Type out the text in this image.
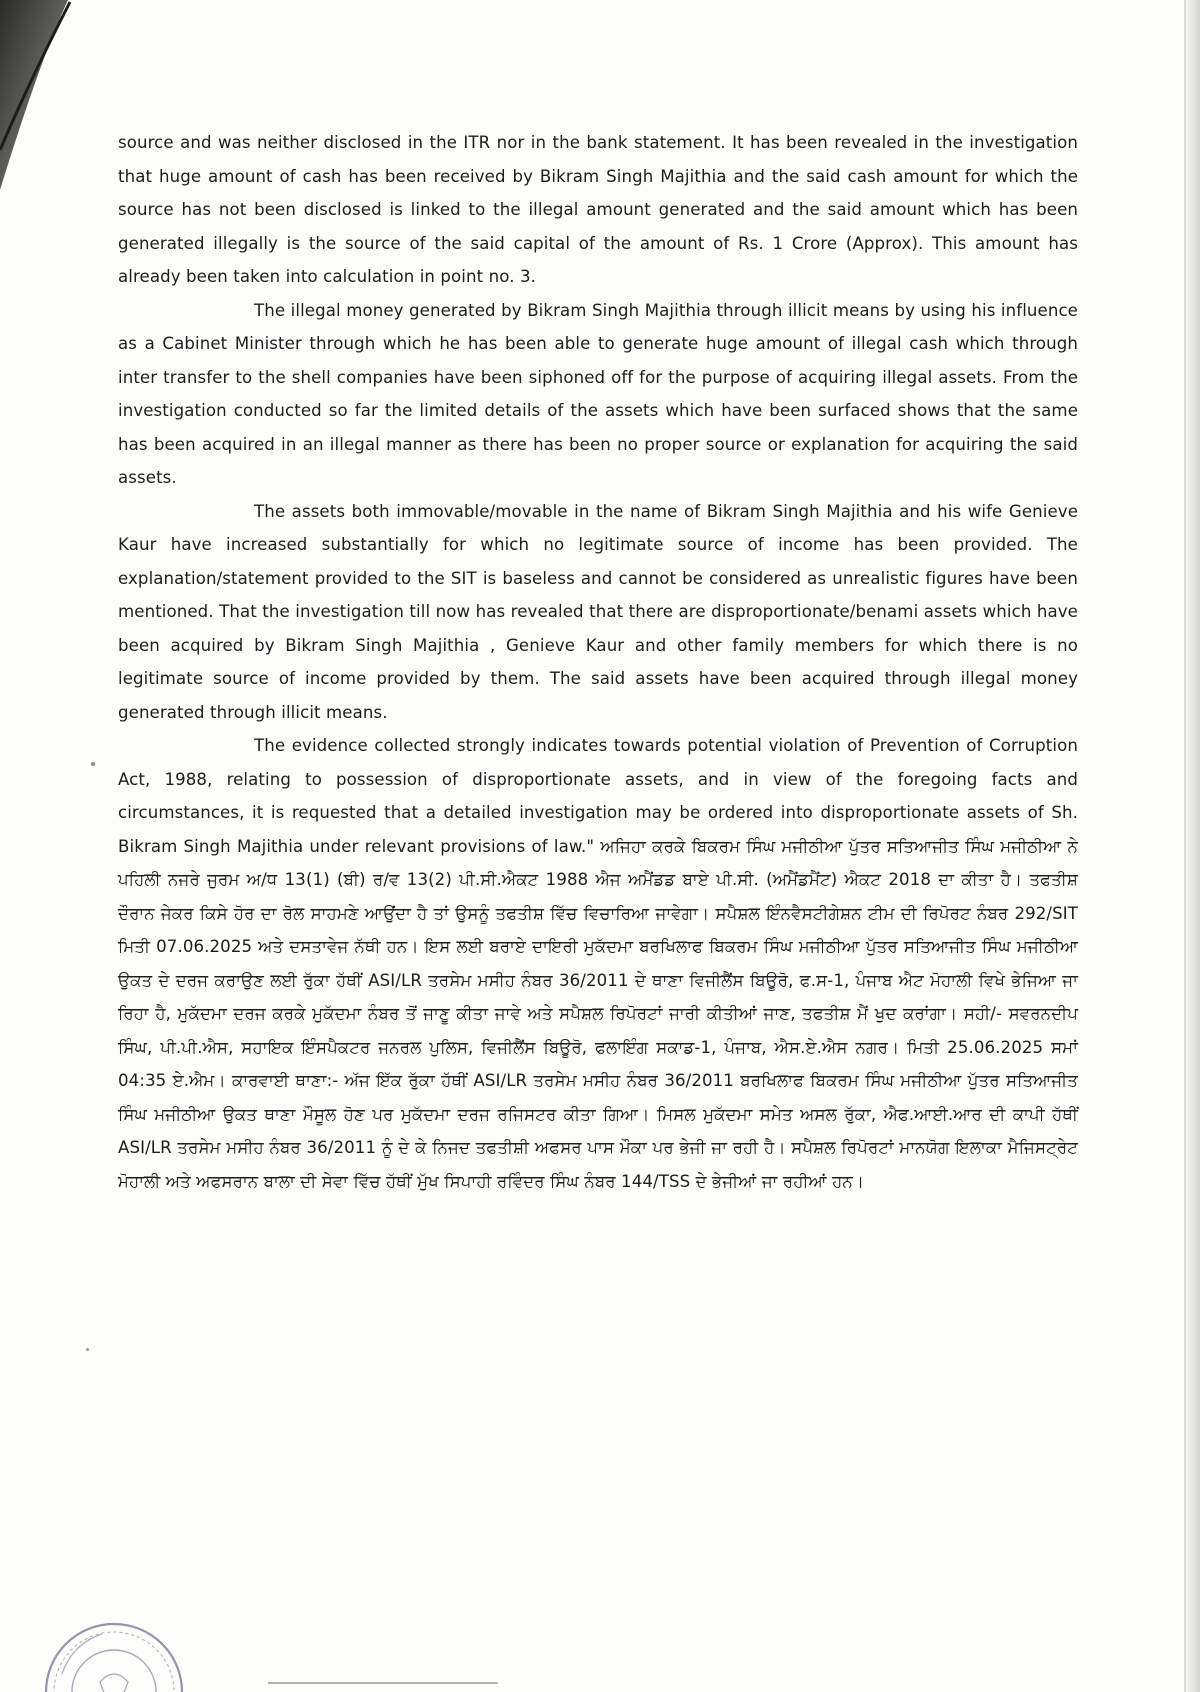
source and was neither disclosed in the ITR nor in the bank statement. It has been revealed in the investigation that huge amount of cash has been received by Bikram Singh Majithia and the said cash amount for which the source has not been disclosed is linked to the illegal amount generated and the said amount which has been generated illegally is the source of the said capital of the amount of Rs. 1 Crore (Approx). This amount has already been taken into calculation in point no. 3.

The illegal money generated by Bikram Singh Majithia through illicit means by using his influence as a Cabinet Minister through which he has been able to generate huge amount of illegal cash which through inter transfer to the shell companies have been siphoned off for the purpose of acquiring illegal assets. From the investigation conducted so far the limited details of the assets which have been surfaced shows that the same has been acquired in an illegal manner as there has been no proper source or explanation for acquiring the said assets.

The assets both immovable/movable in the name of Bikram Singh Majithia and his wife Genieve Kaur have increased substantially for which no legitimate source of income has been provided. The explanation/statement provided to the SIT is baseless and cannot be considered as unrealistic figures have been mentioned. That the investigation till now has revealed that there are disproportionate/benami assets which have been acquired by Bikram Singh Majithia , Genieve Kaur and other family members for which there is no legitimate source of income provided by them. The said assets have been acquired through illegal money generated through illicit means.

The evidence collected strongly indicates towards potential violation of Prevention of Corruption Act, 1988, relating to possession of disproportionate assets, and in view of the foregoing facts and circumstances, it is requested that a detailed investigation may be ordered into disproportionate assets of Sh. Bikram Singh Majithia under relevant provisions of law." ਅਜਿਹਾ ਕਰਕੇ ਬਿਕਰਮ ਸਿੰਘ ਮਜੀਠੀਆ ਪੁੱਤਰ ਸਤਿਆਜੀਤ ਸਿੰਘ ਮਜੀਠੀਆ ਨੇ ਪਹਿਲੀ ਨਜਰੇ ਜੁਰਮ ਅ/ਧ 13(1) (ਬੀ) ਰ/ਵ 13(2) ਪੀ.ਸੀ.ਐਕਟ 1988 ਐਜ ਅਮੈਂਡਡ ਬਾਏ ਪੀ.ਸੀ. (ਅਮੈਂਡਮੈਂਟ) ਐਕਟ 2018 ਦਾ ਕੀਤਾ ਹੈ। ਤਫਤੀਸ਼ ਦੌਰਾਨ ਜੇਕਰ ਕਿਸੇ ਹੋਰ ਦਾ ਰੋਲ ਸਾਹਮਣੇ ਆਉਂਦਾ ਹੈ ਤਾਂ ਉਸਨੂੰ ਤਫਤੀਸ਼ ਵਿੱਚ ਵਿਚਾਰਿਆ ਜਾਵੇਗਾ। ਸਪੈਸ਼ਲ ਇੰਨਵੈਸਟੀਗੇਸ਼ਨ ਟੀਮ ਦੀ ਰਿਪੋਰਟ ਨੰਬਰ 292/SIT ਮਿਤੀ 07.06.2025 ਅਤੇ ਦਸਤਾਵੇਜ ਨੱਥੀ ਹਨ। ਇਸ ਲਈ ਬਰਾਏ ਦਾਇਰੀ ਮੁਕੱਦਮਾ ਬਰਖਿਲਾਫ ਬਿਕਰਮ ਸਿੰਘ ਮਜੀਠੀਆ ਪੁੱਤਰ ਸਤਿਆਜੀਤ ਸਿੰਘ ਮਜੀਠੀਆ ਉਕਤ ਦੇ ਦਰਜ ਕਰਾਉਣ ਲਈ ਰੁੱਕਾ ਹੱਥੀਂ ASI/LR ਤਰਸੇਮ ਮਸੀਹ ਨੰਬਰ 36/2011 ਦੇ ਥਾਣਾ ਵਿਜੀਲੈਂਸ ਬਿਊਰੋ, ਫ.ਸ-1, ਪੰਜਾਬ ਐਟ ਮੋਹਾਲੀ ਵਿਖੇ ਭੇਜਿਆ ਜਾ ਰਿਹਾ ਹੈ, ਮੁਕੱਦਮਾ ਦਰਜ ਕਰਕੇ ਮੁਕੱਦਮਾ ਨੰਬਰ ਤੋਂ ਜਾਣੂ ਕੀਤਾ ਜਾਵੇ ਅਤੇ ਸਪੈਸ਼ਲ ਰਿਪੋਰਟਾਂ ਜਾਰੀ ਕੀਤੀਆਂ ਜਾਣ, ਤਫਤੀਸ਼ ਮੈਂ ਖੁਦ ਕਰਾਂਗਾ। ਸਹੀ/- ਸਵਰਨਦੀਪ ਸਿੰਘ, ਪੀ.ਪੀ.ਐਸ, ਸਹਾਇਕ ਇੰਸਪੈਕਟਰ ਜਨਰਲ ਪੁਲਿਸ, ਵਿਜੀਲੈਂਸ ਬਿਊਰੋ, ਫਲਾਇੰਗ ਸਕਾਡ-1, ਪੰਜਾਬ, ਐਸ.ਏ.ਐਸ ਨਗਰ। ਮਿਤੀ 25.06.2025 ਸਮਾਂ 04:35 ਏ.ਐਮ। ਕਾਰਵਾਈ ਥਾਣਾ:- ਅੱਜ ਇੱਕ ਰੁੱਕਾ ਹੱਥੀਂ ASI/LR ਤਰਸੇਮ ਮਸੀਹ ਨੰਬਰ 36/2011 ਬਰਖਿਲਾਫ ਬਿਕਰਮ ਸਿੰਘ ਮਜੀਠੀਆ ਪੁੱਤਰ ਸਤਿਆਜੀਤ ਸਿੰਘ ਮਜੀਠੀਆ ਉਕਤ ਥਾਣਾ ਮੌਸੂਲ ਹੋਣ ਪਰ ਮੁਕੱਦਮਾ ਦਰਜ ਰਜਿਸਟਰ ਕੀਤਾ ਗਿਆ। ਮਿਸਲ ਮੁਕੱਦਮਾ ਸਮੇਤ ਅਸਲ ਰੁੱਕਾ, ਐਫ.ਆਈ.ਆਰ ਦੀ ਕਾਪੀ ਹੱਥੀਂ ASI/LR ਤਰਸੇਮ ਮਸੀਹ ਨੰਬਰ 36/2011 ਨੂੰ ਦੇ ਕੇ ਨਿਜਦ ਤਫਤੀਸ਼ੀ ਅਫਸਰ ਪਾਸ ਮੌਕਾ ਪਰ ਭੇਜੀ ਜਾ ਰਹੀ ਹੈ। ਸਪੈਸ਼ਲ ਰਿਪੋਰਟਾਂ ਮਾਨਯੋਗ ਇਲਾਕਾ ਮੈਜਿਸਟ੍ਰੇਟ ਮੋਹਾਲੀ ਅਤੇ ਅਫਸਰਾਨ ਬਾਲਾ ਦੀ ਸੇਵਾ ਵਿੱਚ ਹੱਥੀਂ ਮੁੱਖ ਸਿਪਾਹੀ ਰਵਿੰਦਰ ਸਿੰਘ ਨੰਬਰ 144/TSS ਦੇ ਭੇਜੀਆਂ ਜਾ ਰਹੀਆਂ ਹਨ।
